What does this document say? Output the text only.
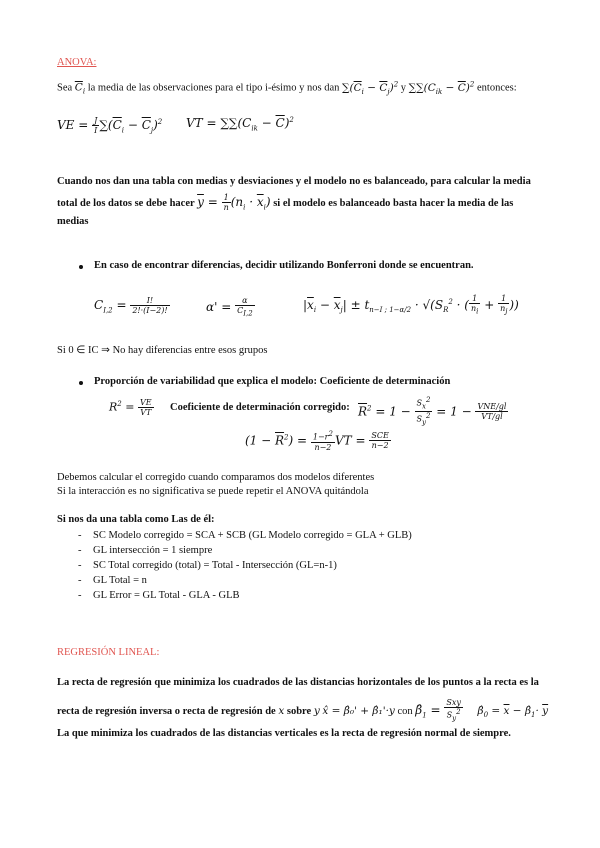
ANOVA:
Sea $\overline{C}_i$ la media de las observaciones para el tipo i-ésimo y nos dan $\sum(\overline{C}_i - \overline{C}_j)^2$ y $\sum\sum(C_{ik} - \overline{C})^2$ entonces:
VE = $\frac{J}{I} \sum(\overline{C}_i - \overline{C}_j)^2$ VT = $\sum\sum(C_{ik} - \overline{C})^2$
Cuando nos dan una tabla con medias y desviaciones y el modelo no es balanceado, para calcular la media
total de los datos se debe hacer $\overline{y} = \frac{1}{n} (n_i \cdot \overline{x}_i)$ si el modelo es balanceado basta hacer la media de las
medias
En caso de encontrar diferencias, decidir utilizando Bonferroni donde se encuentran.
$C_{I,2} = \frac{I!}{2!\cdot(I-2)!}$	$\alpha' = \frac{\alpha}{C_{I,2}}$	$|\overline{x}_i - \overline{x}_j| \pm t_{n-I ; 1-\alpha/2} \cdot √(S_R^2$ · ( $\frac{1}{n_i} + \frac{1}{n_j}$ ))
Si 0 ∈ IC ⇒ No hay diferencias entre esos grupos
Proporción de variabilidad que explica el modelo: Coeficiente de determinación
$R^2 = \frac{VE}{VT}$ Coeficiente de determinación corregido: $\overline{R}^2 = 1 - \frac{S_x^2}{S_y^2} = 1 - \frac{\text{VNE/gl}}{VT/gl}$
$(1 - \overline{R}^2) = \frac{1-r^2}{n-2}$ VT = $\frac{\text{SCE}}{n-2}$
Debemos calcular el corregido cuando comparamos dos modelos diferentes
Si la interacción es no significativa se puede repetir el ANOVA quitándola
Si nos da una tabla como Las de él:
- SC Modelo corregido = SCA + SCB (GL Modelo corregido = GLA + GLB)
- GL intersección = 1 siempre
- SC Total corregido (total) = Total - Intersección (GL=n-1)
- GL Total = n
- GL Error = GL Total - GLA - GLB
REGRESIÓN LINEAL:
La recta de regresión que minimiza los cuadrados de las distancias horizontales de los puntos a la recta es la
recta de regresión inversa o recta de regresión de x sobre y x̂ = β̂₀' + β̂₁'·y con $\betâ_1 = \frac{\text{Sxy}}{S_y^2}$ $\betâ_0 = \overline{x}$ − $\betâ_1\cdot \overline{y}$
La que minimiza los cuadrados de las distancias verticales es la recta de regresión normal de siempre.
